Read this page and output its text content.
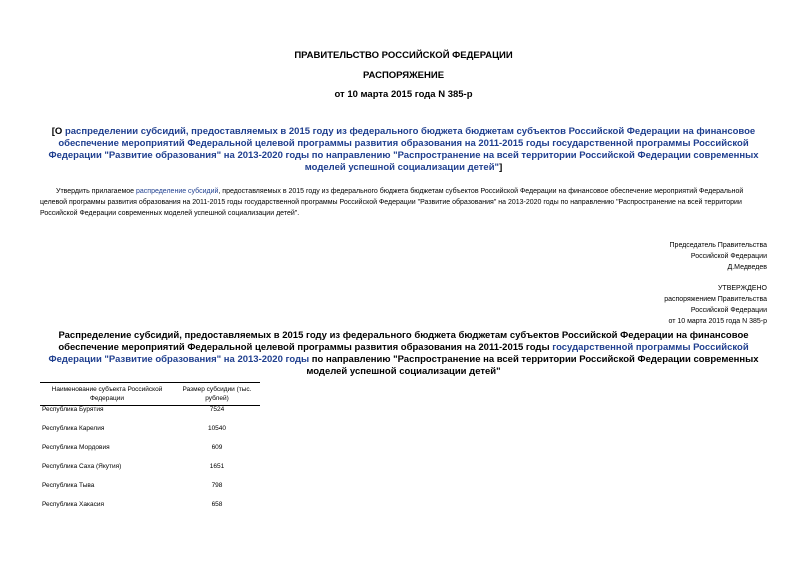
ПРАВИТЕЛЬСТВО РОССИЙСКОЙ ФЕДЕРАЦИИ
РАСПОРЯЖЕНИЕ
от 10 марта 2015 года N 385-р
[О распределении субсидий, предоставляемых в 2015 году из федерального бюджета бюджетам субъектов Российской Федерации на финансовое обеспечение мероприятий Федеральной целевой программы развития образования на 2011-2015 годы государственной программы Российской Федерации "Развитие образования" на 2013-2020 годы по направлению "Распространение на всей территории Российской Федерации современных моделей успешной социализации детей"]
Утвердить прилагаемое распределение субсидий, предоставляемых в 2015 году из федерального бюджета бюджетам субъектов Российской Федерации на финансовое обеспечение мероприятий Федеральной целевой программы развития образования на 2011-2015 годы государственной программы Российской Федерации "Развитие образования" на 2013-2020 годы по направлению "Распространение на всей территории Российской Федерации современных моделей успешной социализации детей".
Председатель Правительства
Российской Федерации
Д.Медведев
УТВЕРЖДЕНО
распоряжением Правительства
Российской Федерации
от 10 марта 2015 года N 385-р
Распределение субсидий, предоставляемых в 2015 году из федерального бюджета бюджетам субъектов Российской Федерации на финансовое обеспечение мероприятий Федеральной целевой программы развития образования на 2011-2015 годы государственной программы Российской Федерации "Развитие образования" на 2013-2020 годы по направлению "Распространение на всей территории Российской Федерации современных моделей успешной социализации детей"
Наименование субъекта Российской Федерации	Размер субсидии (тыс. рублей)
Республика Бурятия	7524
Республика Карелия	10540
Республика Мордовия	609
Республика Саха (Якутия)	1651
Республика Тыва	798
Республика Хакасия	658
